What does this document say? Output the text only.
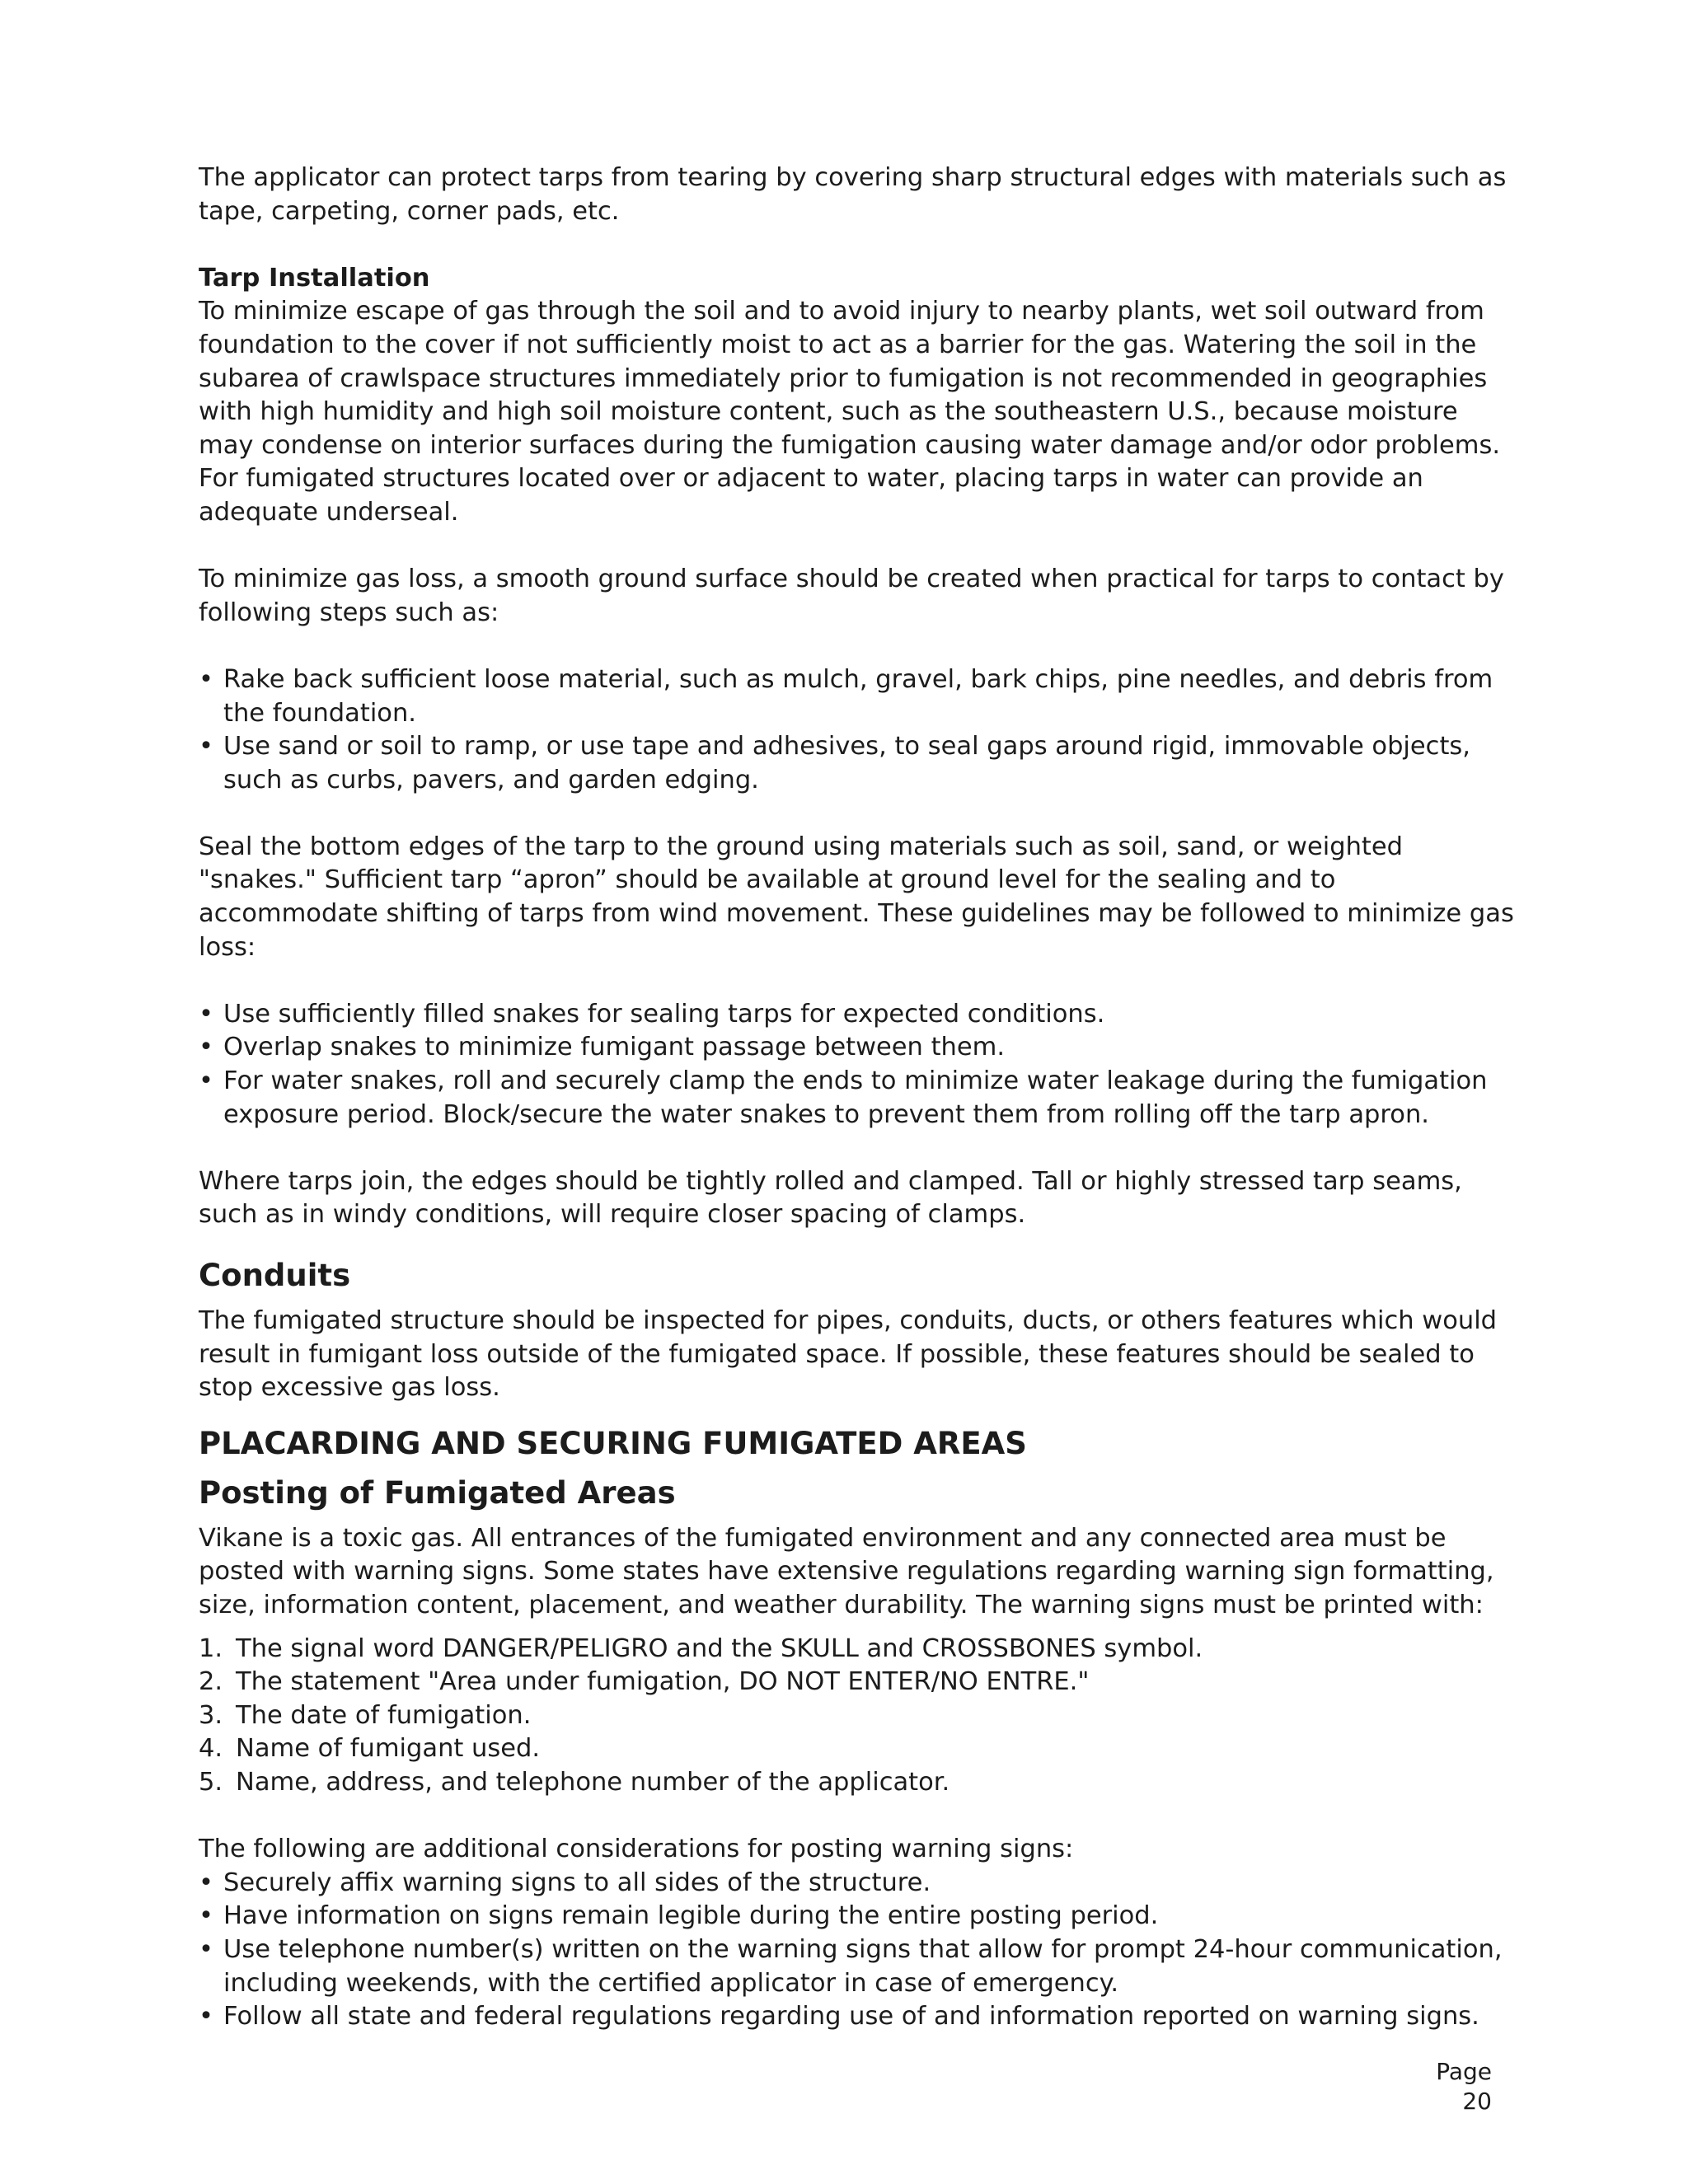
The applicator can protect tarps from tearing by covering sharp structural edges with materials such as tape, carpeting, corner pads, etc.

Tarp Installation

To minimize escape of gas through the soil and to avoid injury to nearby plants, wet soil outward from foundation to the cover if not sufficiently moist to act as a barrier for the gas. Watering the soil in the subarea of crawlspace structures immediately prior to fumigation is not recommended in geographies with high humidity and high soil moisture content, such as the southeastern U.S., because moisture may condense on interior surfaces during the fumigation causing water damage and/or odor problems. For fumigated structures located over or adjacent to water, placing tarps in water can provide an adequate underseal.

To minimize gas loss, a smooth ground surface should be created when practical for tarps to contact by following steps such as:

• Rake back sufficient loose material, such as mulch, gravel, bark chips, pine needles, and debris from the foundation.
• Use sand or soil to ramp, or use tape and adhesives, to seal gaps around rigid, immovable objects, such as curbs, pavers, and garden edging.

Seal the bottom edges of the tarp to the ground using materials such as soil, sand, or weighted "snakes." Sufficient tarp “apron” should be available at ground level for the sealing and to accommodate shifting of tarps from wind movement. These guidelines may be followed to minimize gas loss:

• Use sufficiently filled snakes for sealing tarps for expected conditions.
• Overlap snakes to minimize fumigant passage between them.
• For water snakes, roll and securely clamp the ends to minimize water leakage during the fumigation exposure period. Block/secure the water snakes to prevent them from rolling off the tarp apron.

Where tarps join, the edges should be tightly rolled and clamped. Tall or highly stressed tarp seams, such as in windy conditions, will require closer spacing of clamps.

Conduits

The fumigated structure should be inspected for pipes, conduits, ducts, or others features which would result in fumigant loss outside of the fumigated space. If possible, these features should be sealed to stop excessive gas loss.

PLACARDING AND SECURING FUMIGATED AREAS
Posting of Fumigated Areas

Vikane is a toxic gas. All entrances of the fumigated environment and any connected area must be posted with warning signs. Some states have extensive regulations regarding warning sign formatting, size, information content, placement, and weather durability. The warning signs must be printed with:

1. The signal word DANGER/PELIGRO and the SKULL and CROSSBONES symbol.
2. The statement "Area under fumigation, DO NOT ENTER/NO ENTRE."
3. The date of fumigation.
4. Name of fumigant used.
5. Name, address, and telephone number of the applicator.

The following are additional considerations for posting warning signs:

• Securely affix warning signs to all sides of the structure.
• Have information on signs remain legible during the entire posting period.
• Use telephone number(s) written on the warning signs that allow for prompt 24-hour communication, including weekends, with the certified applicator in case of emergency.
• Follow all state and federal regulations regarding use of and information reported on warning signs.
Page 20
